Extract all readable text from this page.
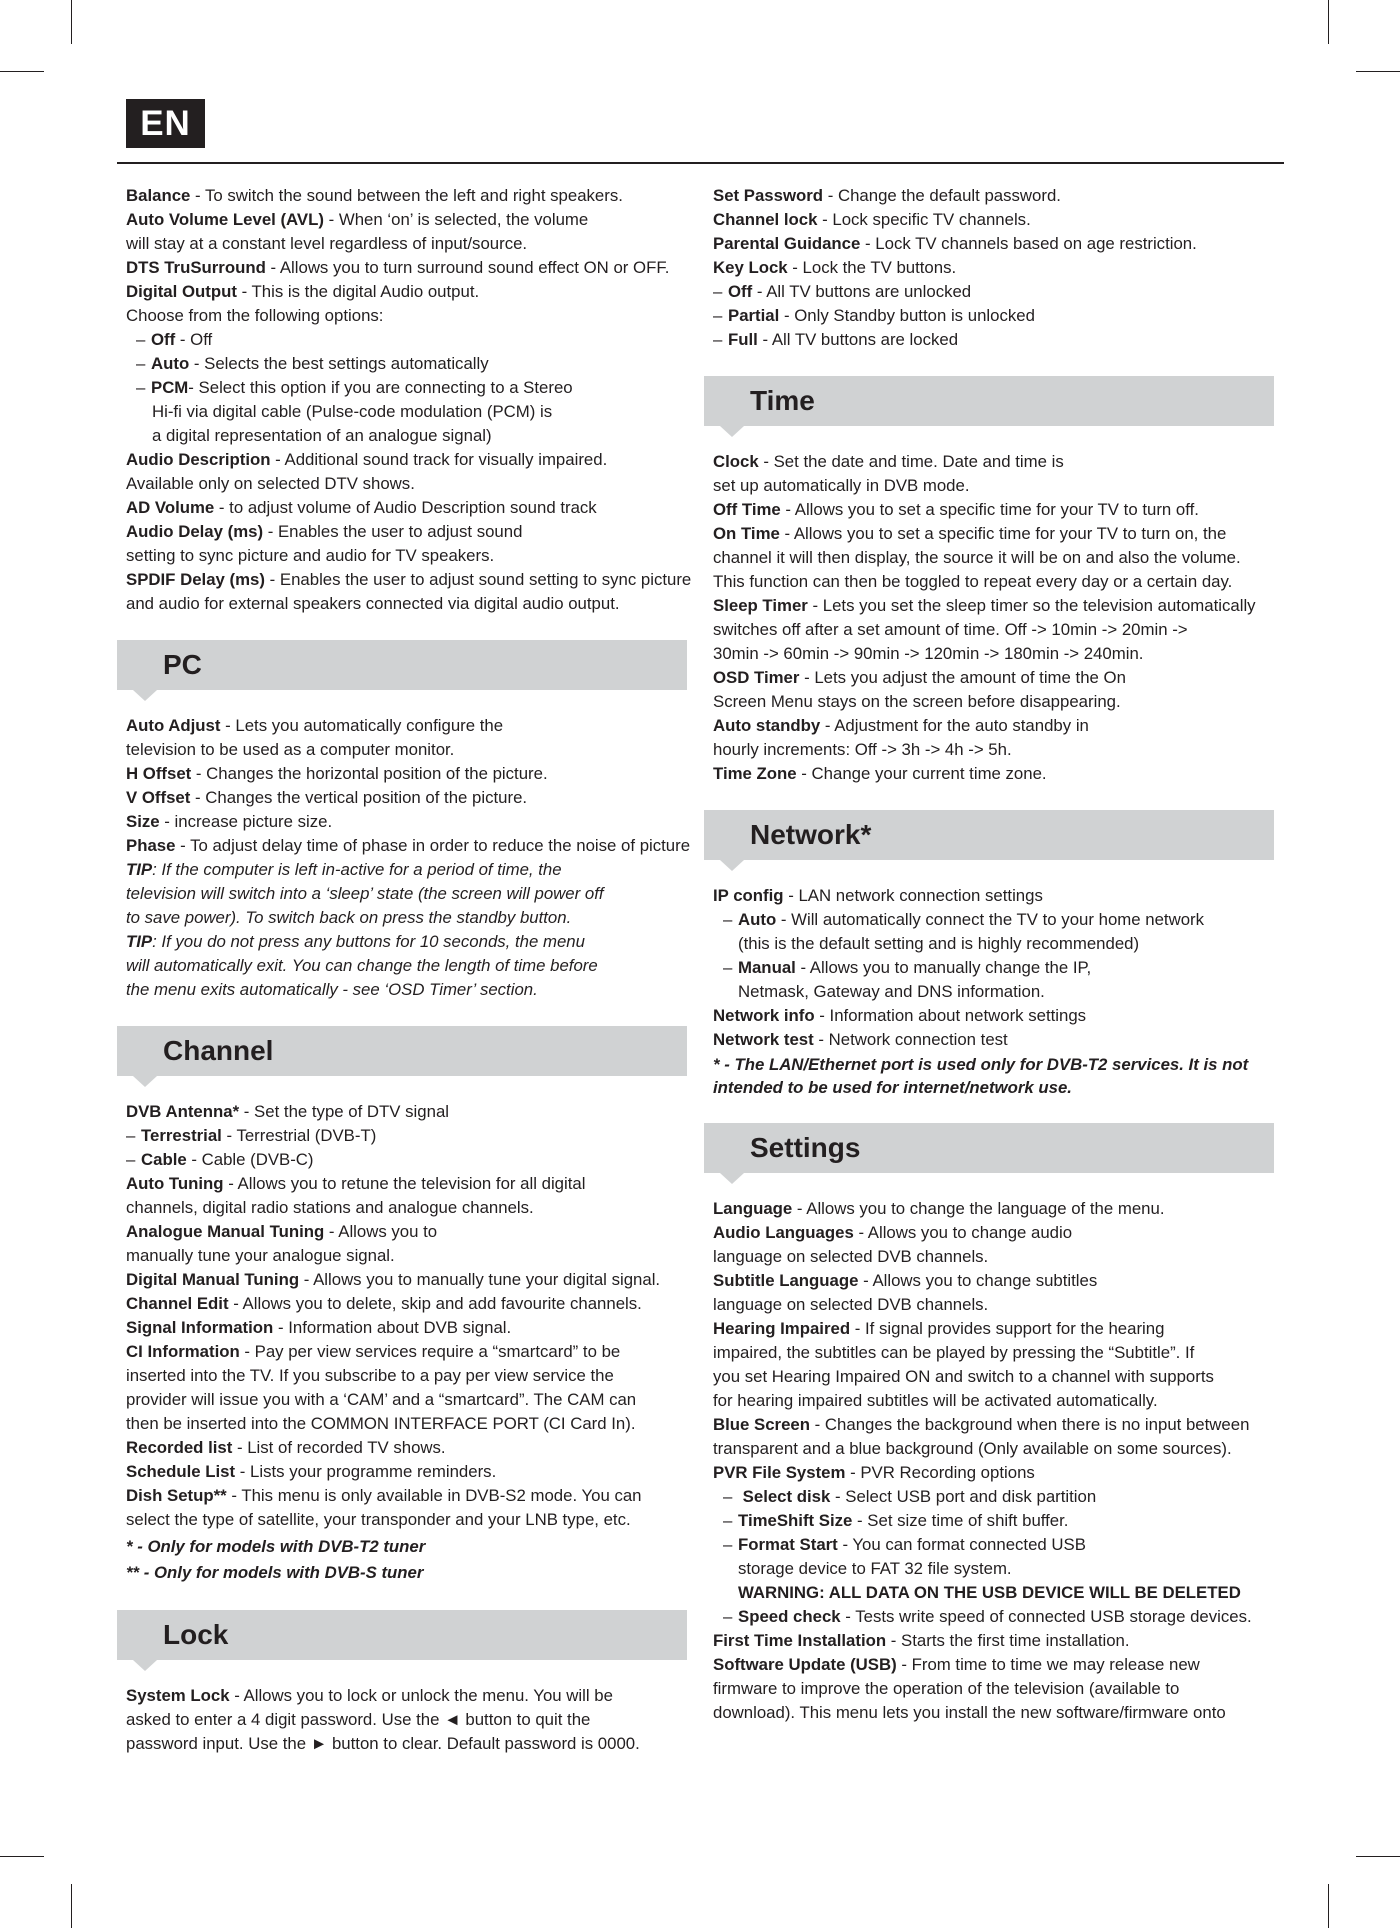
EN
Balance - To switch the sound between the left and right speakers.
Auto Volume Level (AVL) - When ‘on’ is selected, the volume
will stay at a constant level regardless of input/source.
DTS TruSurround - Allows you to turn surround sound effect ON or OFF.
Digital Output - This is the digital Audio output.
Choose from the following options:
– Off - Off
– Auto - Selects the best settings automatically
– PCM- Select this option if you are connecting to a Stereo
Hi-fi via digital cable (Pulse-code modulation (PCM) is
a digital representation of an analogue signal)
Audio Description - Additional sound track for visually impaired.
Available only on selected DTV shows.
AD Volume - to adjust volume of Audio Description sound track
Audio Delay (ms) - Enables the user to adjust sound
setting to sync picture and audio for TV speakers.
SPDIF Delay (ms) - Enables the user to adjust sound setting to sync picture
and audio for external speakers connected via digital audio output.
PC
Auto Adjust - Lets you automatically configure the
television to be used as a computer monitor.
H Offset - Changes the horizontal position of the picture.
V Offset - Changes the vertical position of the picture.
Size - increase picture size.
Phase - To adjust delay time of phase in order to reduce the noise of picture
TIP: If the computer is left in-active for a period of time, the
television will switch into a ‘sleep’ state (the screen will power off
to save power). To switch back on press the standby button.
TIP: If you do not press any buttons for 10 seconds, the menu
will automatically exit. You can change the length of time before
the menu exits automatically - see ‘OSD Timer’ section.
Channel
DVB Antenna* - Set the type of DTV signal
– Terrestrial - Terrestrial (DVB-T)
– Cable - Cable (DVB-C)
Auto Tuning - Allows you to retune the television for all digital
channels, digital radio stations and analogue channels.
Analogue Manual Tuning - Allows you to
manually tune your analogue signal.
Digital Manual Tuning - Allows you to manually tune your digital signal.
Channel Edit - Allows you to delete, skip and add favourite channels.
Signal Information - Information about DVB signal.
CI Information - Pay per view services require a “smartcard” to be
inserted into the TV. If you subscribe to a pay per view service the
provider will issue you with a ‘CAM’ and a “smartcard”. The CAM can
then be inserted into the COMMON INTERFACE PORT (CI Card In).
Recorded list - List of recorded TV shows.
Schedule List - Lists your programme reminders.
Dish Setup** - This menu is only available in DVB-S2 mode. You can
select the type of satellite, your transponder and your LNB type, etc.
* - Only for models with DVB-T2 tuner
** - Only for models with DVB-S tuner
Lock
System Lock - Allows you to lock or unlock the menu. You will be
asked to enter a 4 digit password. Use the ◄ button to quit the
password input. Use the ► button to clear. Default password is 0000.
Set Password - Change the default password.
Channel lock - Lock specific TV channels.
Parental Guidance - Lock TV channels based on age restriction.
Key Lock - Lock the TV buttons.
– Off - All TV buttons are unlocked
– Partial - Only Standby button is unlocked
– Full - All TV buttons are locked
Time
Clock - Set the date and time. Date and time is
set up automatically in DVB mode.
Off Time - Allows you to set a specific time for your TV to turn off.
On Time - Allows you to set a specific time for your TV to turn on, the
channel it will then display, the source it will be on and also the volume.
This function can then be toggled to repeat every day or a certain day.
Sleep Timer - Lets you set the sleep timer so the television automatically
switches off after a set amount of time. Off -> 10min -> 20min ->
30min -> 60min -> 90min -> 120min -> 180min -> 240min.
OSD Timer - Lets you adjust the amount of time the On
Screen Menu stays on the screen before disappearing.
Auto standby - Adjustment for the auto standby in
hourly increments: Off -> 3h -> 4h -> 5h.
Time Zone - Change your current time zone.
Network*
IP config - LAN network connection settings
– Auto - Will automatically connect the TV to your home network
(this is the default setting and is highly recommended)
– Manual - Allows you to manually change the IP,
Netmask, Gateway and DNS information.
Network info - Information about network settings
Network test - Network connection test
* - The LAN/Ethernet port is used only for DVB-T2 services. It is not
intended to be used for internet/network use.
Settings
Language - Allows you to change the language of the menu.
Audio Languages - Allows you to change audio
language on selected DVB channels.
Subtitle Language - Allows you to change subtitles
language on selected DVB channels.
Hearing Impaired - If signal provides support for the hearing
impaired, the subtitles can be played by pressing the “Subtitle”. If
you set Hearing Impaired ON and switch to a channel with supports
for hearing impaired subtitles will be activated automatically.
Blue Screen - Changes the background when there is no input between
transparent and a blue background (Only available on some sources).
PVR File System - PVR Recording options
– Select disk - Select USB port and disk partition
– TimeShift Size - Set size time of shift buffer.
– Format Start - You can format connected USB
storage device to FAT 32 file system.
WARNING: ALL DATA ON THE USB DEVICE WILL BE DELETED
– Speed check - Tests write speed of connected USB storage devices.
First Time Installation - Starts the first time installation.
Software Update (USB) - From time to time we may release new
firmware to improve the operation of the television (available to
download). This menu lets you install the new software/firmware onto
